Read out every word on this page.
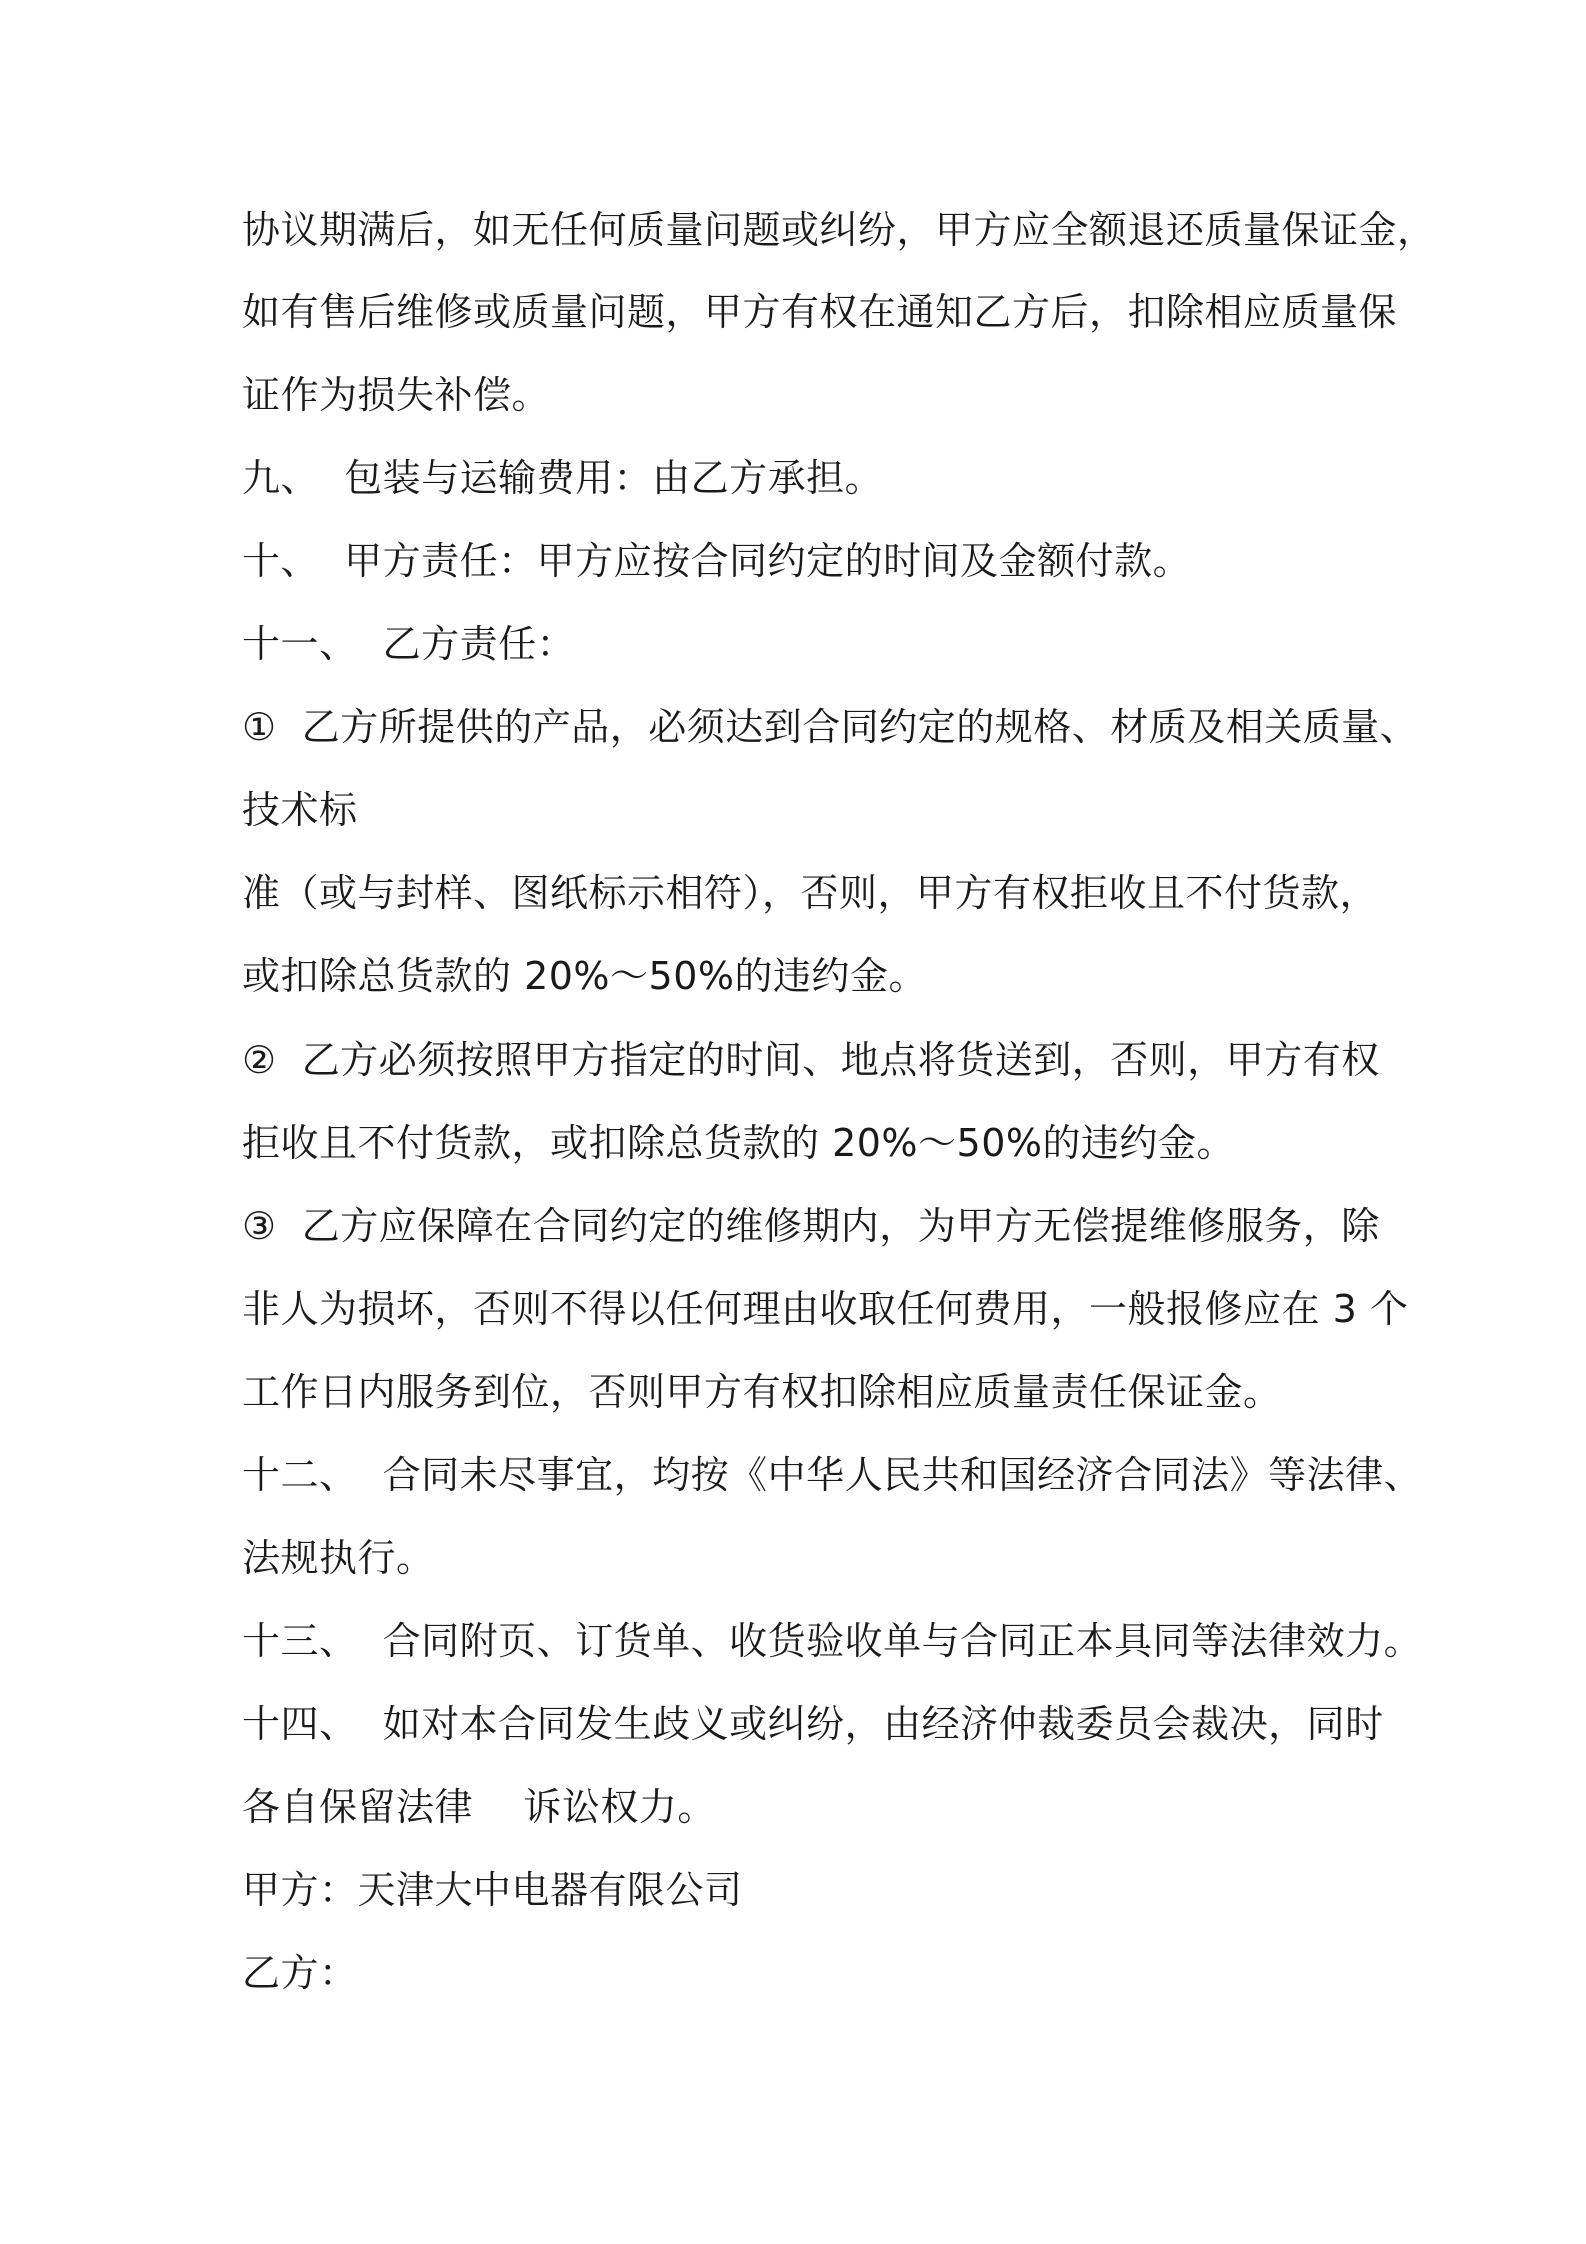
协议期满后，如无任何质量问题或纠纷，甲方应全额退还质量保证金，
如有售后维修或质量问题，甲方有权在通知乙方后，扣除相应质量保
证作为损失补偿。
九、  包装与运输费用：由乙方承担。
十、  甲方责任：甲方应按合同约定的时间及金额付款。
十一、  乙方责任：
①  乙方所提供的产品，必须达到合同约定的规格、材质及相关质量、
技术标
准（或与封样、图纸标示相符），否则，甲方有权拒收且不付货款，
或扣除总货款的 20%～50%的违约金。
②  乙方必须按照甲方指定的时间、地点将货送到，否则，甲方有权
拒收且不付货款，或扣除总货款的 20%～50%的违约金。
③  乙方应保障在合同约定的维修期内，为甲方无偿提维修服务，除
非人为损坏，否则不得以任何理由收取任何费用，一般报修应在 3 个
工作日内服务到位，否则甲方有权扣除相应质量责任保证金。
十二、  合同未尽事宜，均按《中华人民共和国经济合同法》等法律、
法规执行。
十三、  合同附页、订货单、收货验收单与合同正本具同等法律效力。
十四、  如对本合同发生歧义或纠纷，由经济仲裁委员会裁决，同时
各自保留法律    诉讼权力。
甲方：天津大中电器有限公司
乙方：
